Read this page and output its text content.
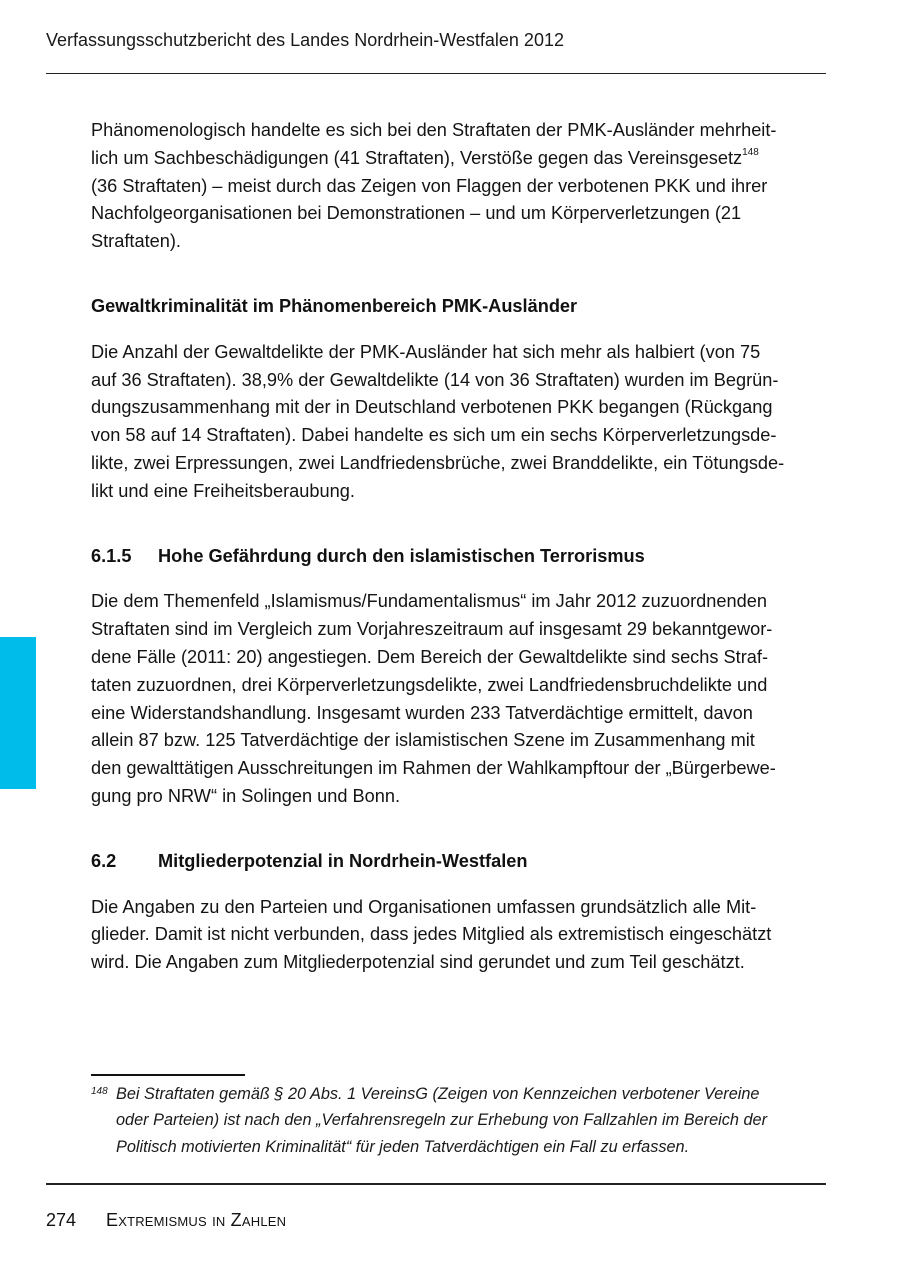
Verfassungsschutzbericht des Landes Nordrhein-Westfalen 2012

Phänomenologisch handelte es sich bei den Straftaten der PMK-Ausländer mehrheit-
lich um Sachbeschädigungen (41 Straftaten), Verstöße gegen das Vereinsgesetz$^{148}$
(36 Straftaten) – meist durch das Zeigen von Flaggen der verbotenen PKK und ihrer
Nachfolgeorganisationen bei Demonstrationen – und um Körperverletzungen (21
Straftaten).

Gewaltkriminalität im Phänomenbereich PMK-Ausländer

Die Anzahl der Gewaltdelikte der PMK-Ausländer hat sich mehr als halbiert (von 75
auf 36 Straftaten). 38,9% der Gewaltdelikte (14 von 36 Straftaten) wurden im Begrün-
dungszusammenhang mit der in Deutschland verbotenen PKK begangen (Rückgang
von 58 auf 14 Straftaten). Dabei handelte es sich um ein sechs Körperverletzungsde-
likte, zwei Erpressungen, zwei Landfriedensbrüche, zwei Branddelikte, ein Tötungsde-
likt und eine Freiheitsberaubung.

6.1.5 Hohe Gefährdung durch den islamistischen Terrorismus

Die dem Themenfeld „Islamismus/Fundamentalismus“ im Jahr 2012 zuzuordnenden
Straftaten sind im Vergleich zum Vorjahreszeitraum auf insgesamt 29 bekanntgewor-
dene Fälle (2011: 20) angestiegen. Dem Bereich der Gewaltdelikte sind sechs Straf-
taten zuzuordnen, drei Körperverletzungsdelikte, zwei Landfriedensbruchdelikte und
eine Widerstandshandlung. Insgesamt wurden 233 Tatverdächtige ermittelt, davon
allein 87 bzw. 125 Tatverdächtige der islamistischen Szene im Zusammenhang mit
den gewalttätigen Ausschreitungen im Rahmen der Wahlkampftour der „Bürgerbewe-
gung pro NRW“ in Solingen und Bonn.

6.2 Mitgliederpotenzial in Nordrhein-Westfalen

Die Angaben zu den Parteien und Organisationen umfassen grundsätzlich alle Mit-
glieder. Damit ist nicht verbunden, dass jedes Mitglied als extremistisch eingeschätzt
wird. Die Angaben zum Mitgliederpotenzial sind gerundet und zum Teil geschätzt.

148 Bei Straftaten gemäß § 20 Abs. 1 VereinsG (Zeigen von Kennzeichen verbotener Vereine
oder Parteien) ist nach den „Verfahrensregeln zur Erhebung von Fallzahlen im Bereich der
Politisch motivierten Kriminalität“ für jeden Tatverdächtigen ein Fall zu erfassen.
274 Extremismus in Zahlen
